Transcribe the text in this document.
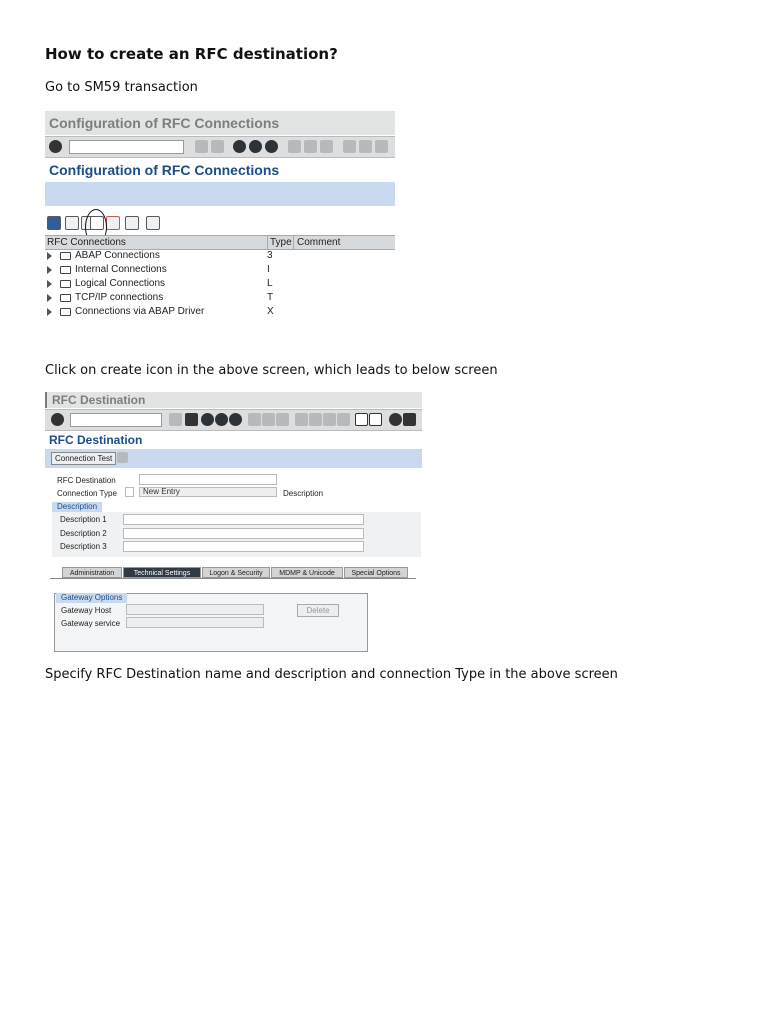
How to create an RFC destination?

Go to SM59 transaction

Configuration of RFC Connections
Configuration of RFC Connections
RFC Connections	Type Comment
ABAP Connections	3
Internal Connections	I
Logical Connections	L
TCP/IP connections	T
Connections via ABAP Driver	X

Click on create icon in the above screen, which leads to below screen

RFC Destination
RFC Destination
Connection Test
RFC Destination
Connection Type	New Entry	Description
Description
Description 1
Description 2
Description 3
Administration	Technical Settings	Logon & Security	MDMP & Unicode	Special Options
Gateway Options
Gateway Host
Gateway service
Delete

Specify RFC Destination name and description and connection Type in the above screen
